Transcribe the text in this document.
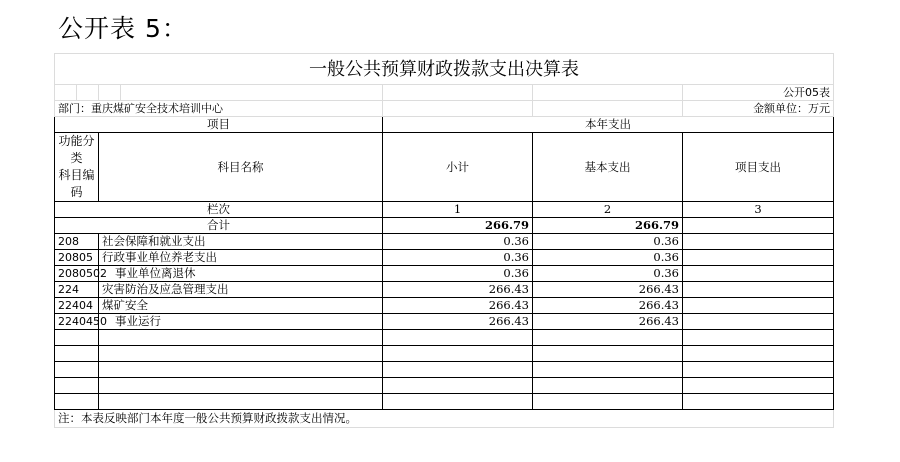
公开表 5：
一般公共预算财政拨款支出决算表						
						公开05表
部门：重庆煤矿安全技术培训中心						金额单位：万元
项目				本年支出		
功能分类
科目编码		科目名称		小计	基本支出	项目支出
栏次				1	2	3
合计				266.79	266.79	
208		社会保障和就业支出		0.36	0.36	
20805		行政事业单位养老支出		0.36	0.36	
2080502		事业单位离退休		0.36	0.36	
224		灾害防治及应急管理支出		266.43	266.43	
22404		煤矿安全		266.43	266.43	
2240450		事业运行		266.43	266.43	

注：本表反映部门本年度一般公共预算财政拨款支出情况。						
